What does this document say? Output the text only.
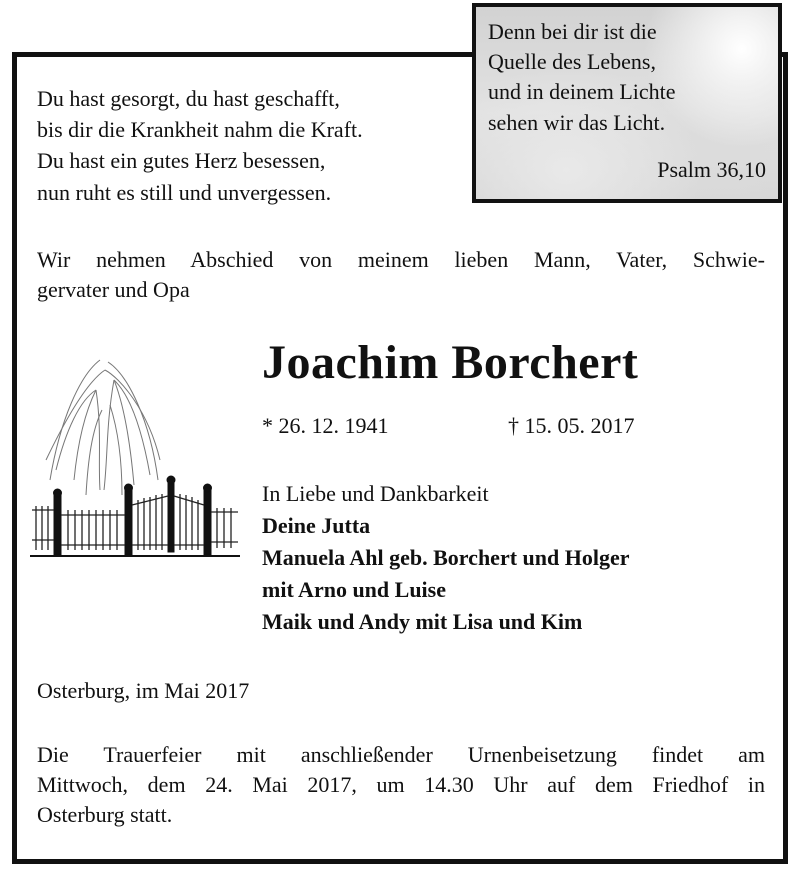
Denn bei dir ist die
Quelle des Lebens,
und in deinem Lichte
sehen wir das Licht.
Psalm 36,10
Du hast gesorgt, du hast geschafft,
bis dir die Krankheit nahm die Kraft.
Du hast ein gutes Herz besessen,
nun ruht es still und unvergessen.
Wir nehmen Abschied von meinem lieben Mann, Vater, Schwie-
gervater und Opa
Joachim Borchert
* 26. 12. 1941	† 15. 05. 2017
In Liebe und Dankbarkeit
Deine Jutta
Manuela Ahl geb. Borchert und Holger
mit Arno und Luise
Maik und Andy mit Lisa und Kim
Osterburg, im Mai 2017
Die Trauerfeier mit anschließender Urnenbeisetzung findet am
Mittwoch, dem 24. Mai 2017, um 14.30 Uhr auf dem Friedhof in
Osterburg statt.
